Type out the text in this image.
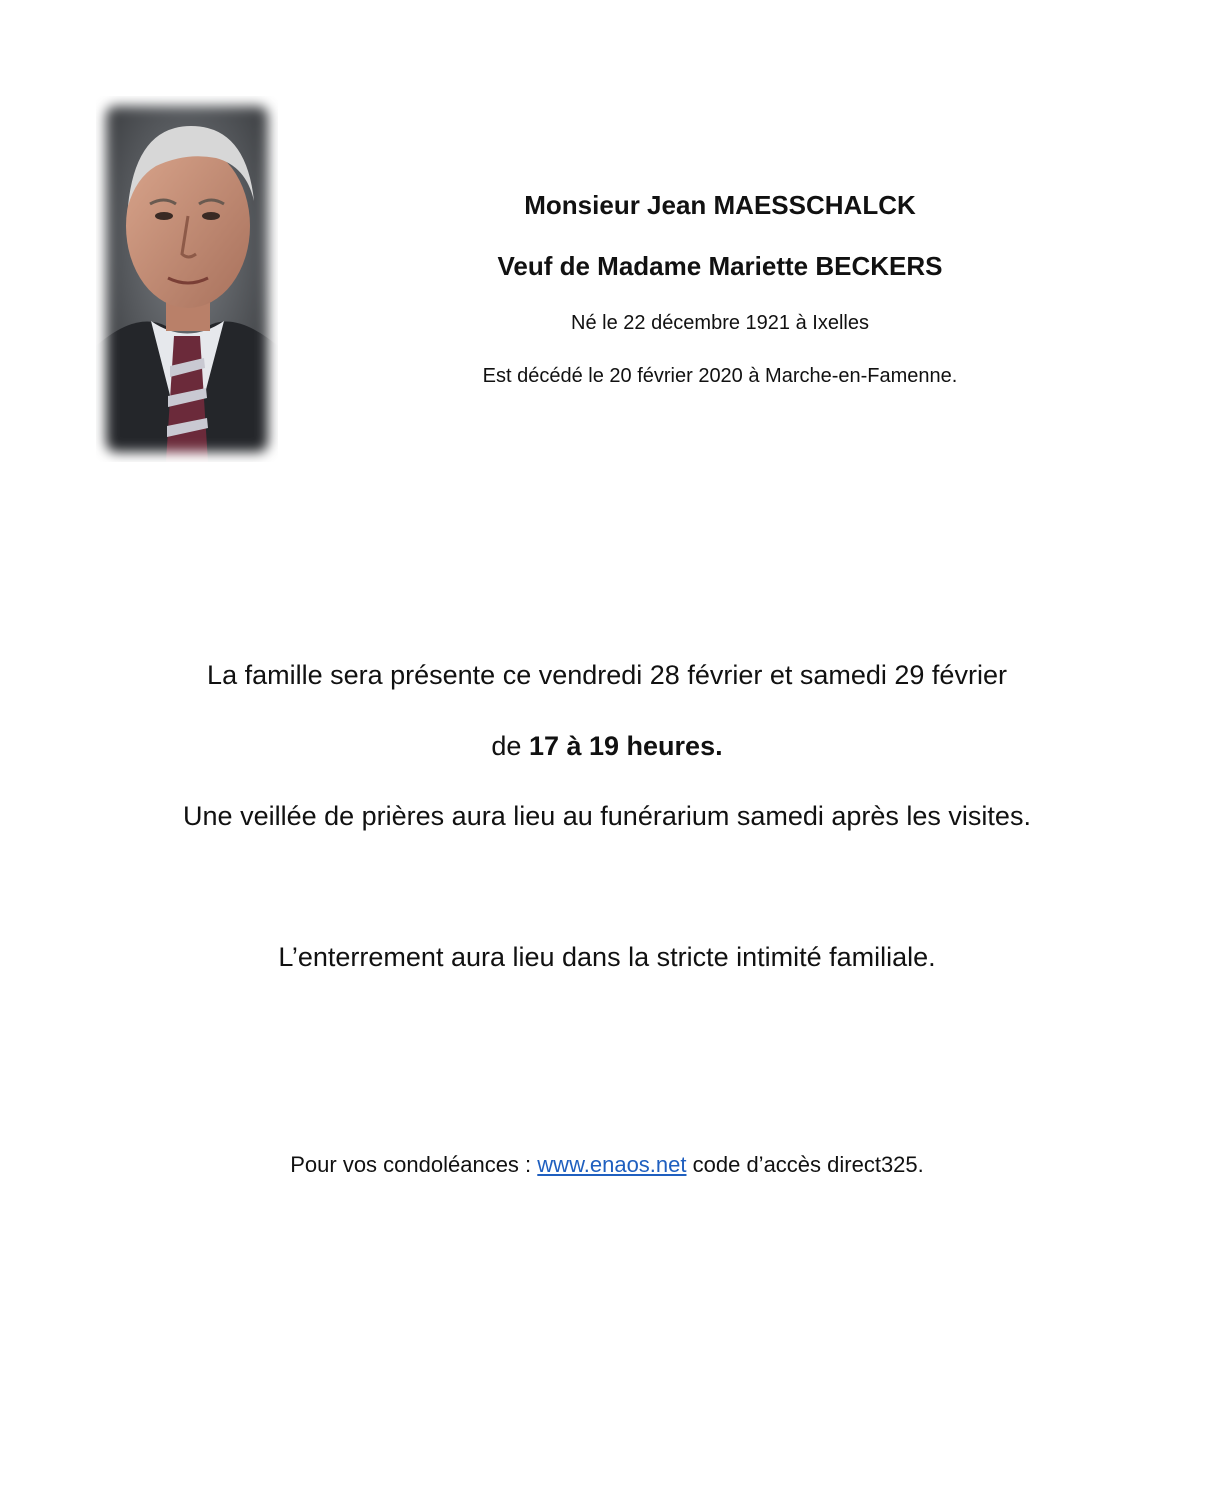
Monsieur Jean MAESSCHALCK
Veuf de Madame Mariette BECKERS
Né le 22 décembre 1921 à Ixelles
Est décédé le 20 février 2020 à Marche-en-Famenne.
La famille sera présente ce vendredi 28 février et samedi 29 février
de 17 à 19 heures.
Une veillée de prières aura lieu au funérarium samedi après les visites.
L’enterrement aura lieu dans la stricte intimité familiale.
Pour vos condoléances : www.enaos.net code d’accès direct325.
